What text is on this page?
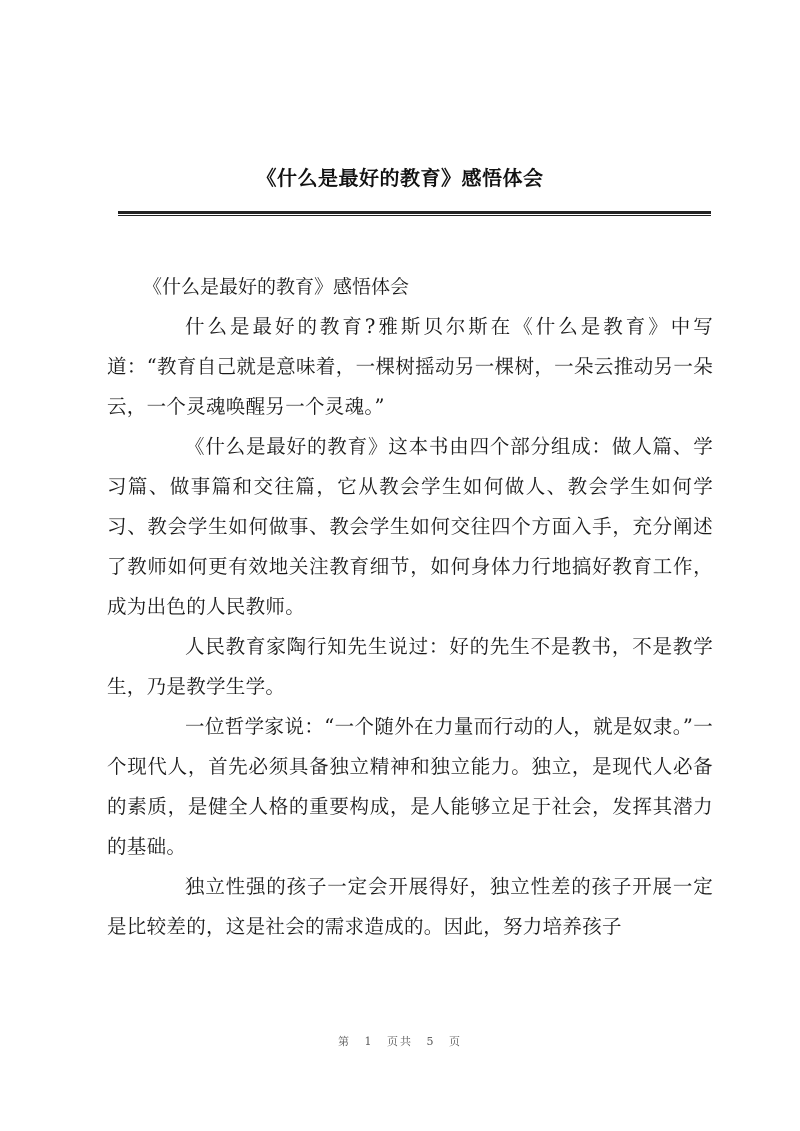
《什么是最好的教育》感悟体会
《什么是最好的教育》感悟体会

什么是最好的教育?雅斯贝尔斯在《什么是教育》中写道：“教育自己就是意味着，一棵树摇动另一棵树，一朵云推动另一朵云，一个灵魂唤醒另一个灵魂。”

《什么是最好的教育》这本书由四个部分组成：做人篇、学习篇、做事篇和交往篇，它从教会学生如何做人、教会学生如何学习、教会学生如何做事、教会学生如何交往四个方面入手，充分阐述了教师如何更有效地关注教育细节，如何身体力行地搞好教育工作，成为出色的人民教师。

人民教育家陶行知先生说过：好的先生不是教书，不是教学生，乃是教学生学。

一位哲学家说：“一个随外在力量而行动的人，就是奴隶。”一个现代人，首先必须具备独立精神和独立能力。独立，是现代人必备的素质，是健全人格的重要构成，是人能够立足于社会，发挥其潜力的基础。

独立性强的孩子一定会开展得好，独立性差的孩子开展一定是比较差的，这是社会的需求造成的。因此，努力培养孩子

第 1 页共 5 页
